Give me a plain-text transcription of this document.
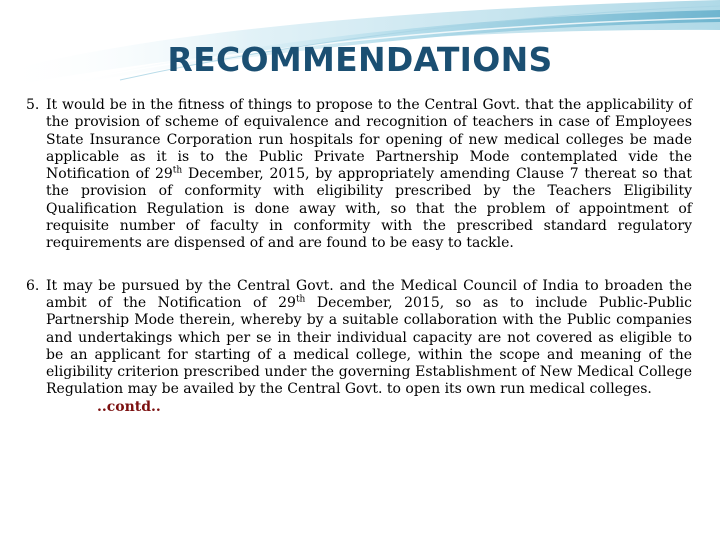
RECOMMENDATIONS
5. It would be in the fitness of things to propose to the Central Govt. that the applicability of the provision of scheme of equivalence and recognition of teachers in case of Employees State Insurance Corporation run hospitals for opening of new medical colleges be made applicable as it is to the Public Private Partnership Mode contemplated vide the Notification of 29th December, 2015, by appropriately amending Clause 7 thereat so that the provision of conformity with eligibility prescribed by the Teachers Eligibility Qualification Regulation is done away with, so that the problem of appointment of requisite number of faculty in conformity with the prescribed standard regulatory requirements are dispensed of and are found to be easy to tackle.
6. It may be pursued by the Central Govt. and the Medical Council of India to broaden the ambit of the Notification of 29th December, 2015, so as to include Public-Public Partnership Mode therein, whereby by a suitable collaboration with the Public companies and undertakings which per se in their individual capacity are not covered as eligible to be an applicant for starting of a medical college, within the scope and meaning of the eligibility criterion prescribed under the governing Establishment of New Medical College Regulation may be availed by the Central Govt. to open its own run medical colleges.
..contd..
